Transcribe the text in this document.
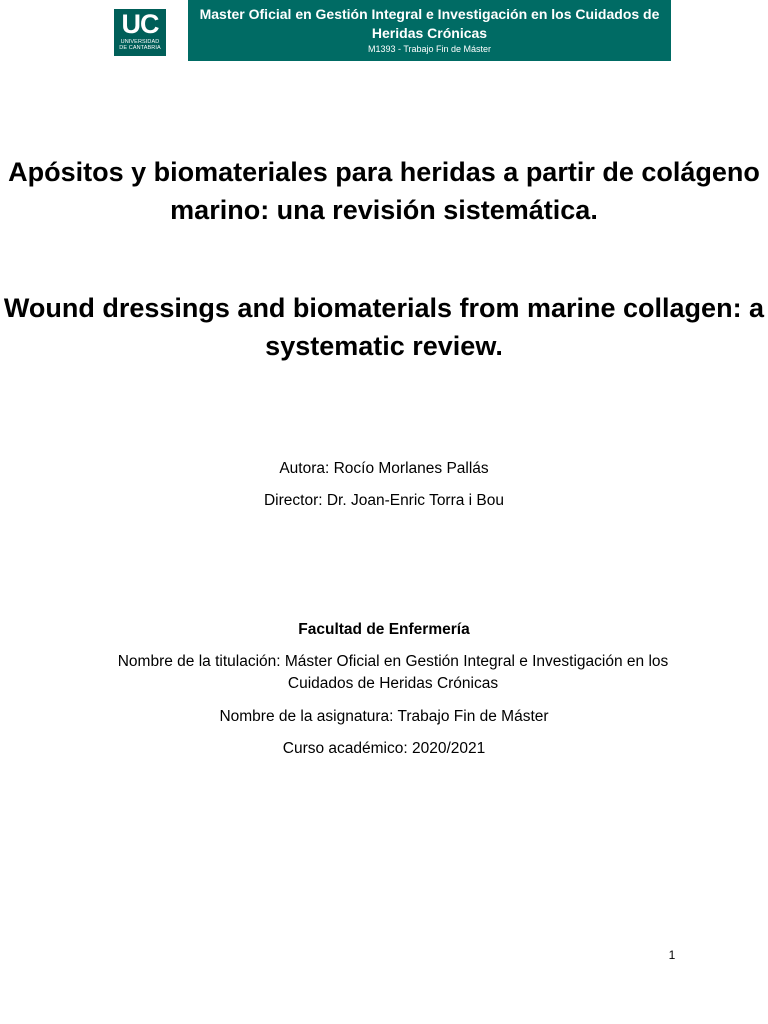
UC
UNIVERSIDAD
DE CANTABRIA
Master Oficial en Gestión Integral e Investigación en los Cuidados de
Heridas Crónicas
M1393 - Trabajo Fin de Máster
Apósitos y biomateriales para heridas a partir de colágeno marino: una revisión sistemática.
Wound dressings and biomaterials from marine collagen: a systematic review.
Autora: Rocío Morlanes Pallás
Director: Dr. Joan-Enric Torra i Bou
Facultad de Enfermería
Nombre de la titulación: Máster Oficial en Gestión Integral e Investigación en los Cuidados de Heridas Crónicas
Nombre de la asignatura: Trabajo Fin de Máster
Curso académico: 2020/2021
1
